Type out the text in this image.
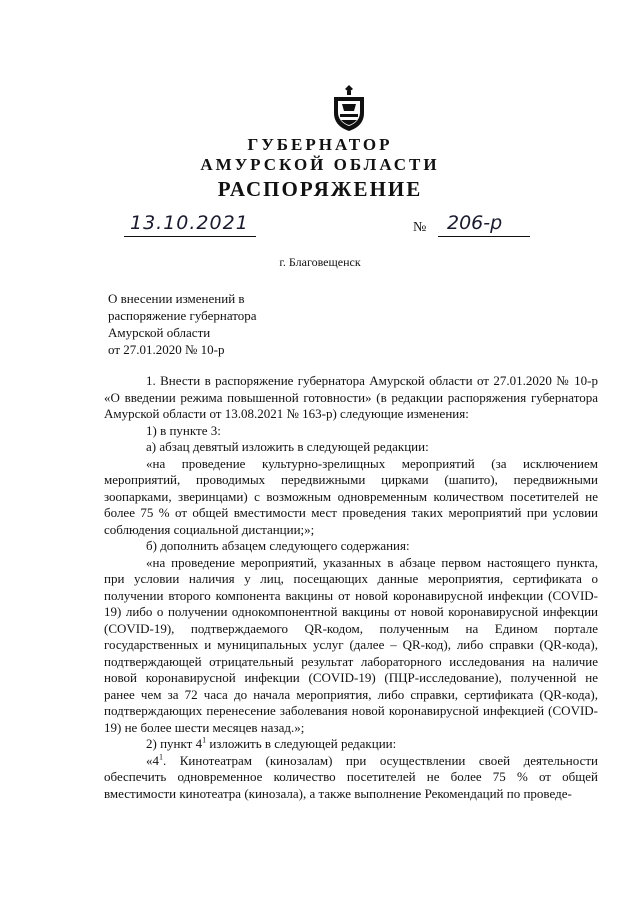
ГУБЕРНАТОР
АМУРСКОЙ ОБЛАСТИ
РАСПОРЯЖЕНИЕ
13.10.2021	№ 206-р
г. Благовещенск
О внесении изменений в
распоряжение губернатора
Амурской области
от 27.01.2020 № 10-р

1. Внести в распоряжение губернатора Амурской области от 27.01.2020 № 10-р «О введении режима повышенной готовности» (в редакции распоряжения губернатора Амурской области от 13.08.2021 № 163-р) следующие изменения:

1) в пункте 3:

а) абзац девятый изложить в следующей редакции:

«на проведение культурно-зрелищных мероприятий (за исключением мероприятий, проводимых передвижными цирками (шапито), передвижными зоопарками, зверинцами) с возможным одновременным количеством посетителей не более 75 % от общей вместимости мест проведения таких мероприятий при условии соблюдения социальной дистанции;»;

б) дополнить абзацем следующего содержания:

«на проведение мероприятий, указанных в абзаце первом настоящего пункта, при условии наличия у лиц, посещающих данные мероприятия, сертификата о получении второго компонента вакцины от новой коронавирусной инфекции (COVID-19) либо о получении однокомпонентной вакцины от новой коронавирусной инфекции (COVID-19), подтверждаемого QR-кодом, полученным на Едином портале государственных и муниципальных услуг (далее – QR-код), либо справки (QR-кода), подтверждающей отрицательный результат лабораторного исследования на наличие новой коронавирусной инфекции (COVID-19) (ПЦР-исследование), полученной не ранее чем за 72 часа до начала мероприятия, либо справки, сертификата (QR-кода), подтверждающих перенесение заболевания новой коронавирусной инфекцией (COVID-19) не более шести месяцев назад.»;

2) пункт $4^1$ изложить в следующей редакции:

«$4^1$. Кинотеатрам (кинозалам) при осуществлении своей деятельности обеспечить одновременное количество посетителей не более 75 % от общей вместимости кинотеатра (кинозала), а также выполнение Рекомендаций по проведе-
